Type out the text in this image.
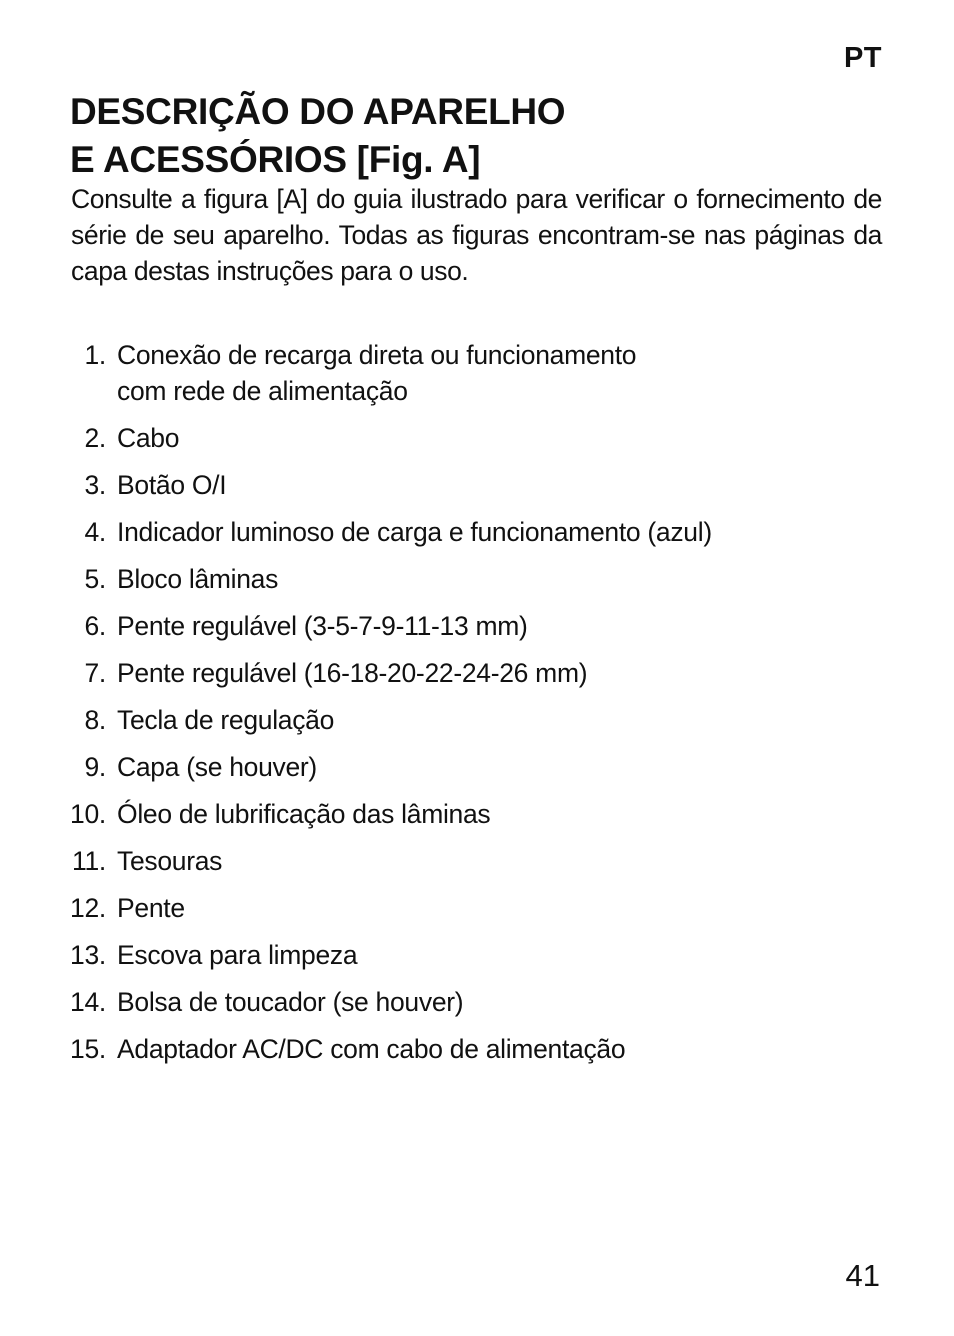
PT
DESCRIÇÃO DO APARELHO
E ACESSÓRIOS [Fig. A]

Consulte a figura [A] do guia ilustrado para verificar o fornecimento de série de seu aparelho. Todas as figuras encontram-se nas páginas da capa destas instruções para o uso.

1. Conexão de recarga direta ou funcionamento
com rede de alimentação
2. Cabo
3. Botão O/I
4. Indicador luminoso de carga e funcionamento (azul)
5. Bloco lâminas
6. Pente regulável (3-5-7-9-11-13 mm)
7. Pente regulável (16-18-20-22-24-26 mm)
8. Tecla de regulação
9. Capa (se houver)
10. Óleo de lubrificação das lâminas
11. Tesouras
12. Pente
13. Escova para limpeza
14. Bolsa de toucador (se houver)
15. Adaptador AC/DC com cabo de alimentação
41
